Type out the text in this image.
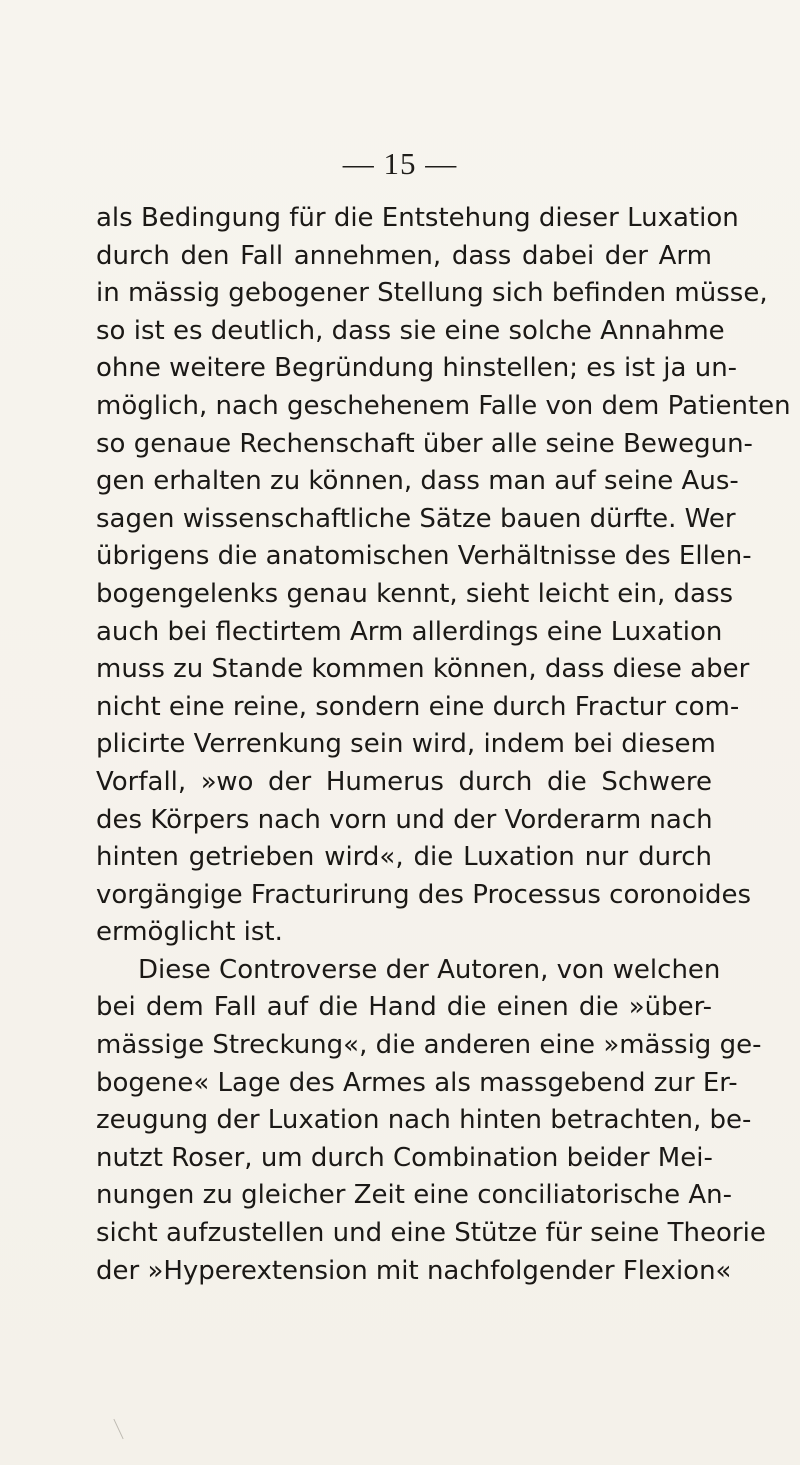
— 15 —
als Bedingung für die Entstehung dieser Luxation
durch den Fall annehmen, dass dabei der Arm
in mässig gebogener Stellung sich befinden müsse,
so ist es deutlich, dass sie eine solche Annahme
ohne weitere Begründung hinstellen; es ist ja un-
möglich, nach geschehenem Falle von dem Patienten
so genaue Rechenschaft über alle seine Bewegun-
gen erhalten zu können, dass man auf seine Aus-
sagen wissenschaftliche Sätze bauen dürfte. Wer
übrigens die anatomischen Verhältnisse des Ellen-
bogengelenks genau kennt, sieht leicht ein, dass
auch bei flectirtem Arm allerdings eine Luxation
muss zu Stande kommen können, dass diese aber
nicht eine reine, sondern eine durch Fractur com-
plicirte Verrenkung sein wird, indem bei diesem
Vorfall, »wo der Humerus durch die Schwere
des Körpers nach vorn und der Vorderarm nach
hinten getrieben wird«, die Luxation nur durch
vorgängige Fracturirung des Processus coronoides
ermöglicht ist.
Diese Controverse der Autoren, von welchen
bei dem Fall auf die Hand die einen die »über-
mässige Streckung«, die anderen eine »mässig ge-
bogene« Lage des Armes als massgebend zur Er-
zeugung der Luxation nach hinten betrachten, be-
nutzt Roser, um durch Combination beider Mei-
nungen zu gleicher Zeit eine conciliatorische An-
sicht aufzustellen und eine Stütze für seine Theorie
der »Hyperextension mit nachfolgender Flexion«
